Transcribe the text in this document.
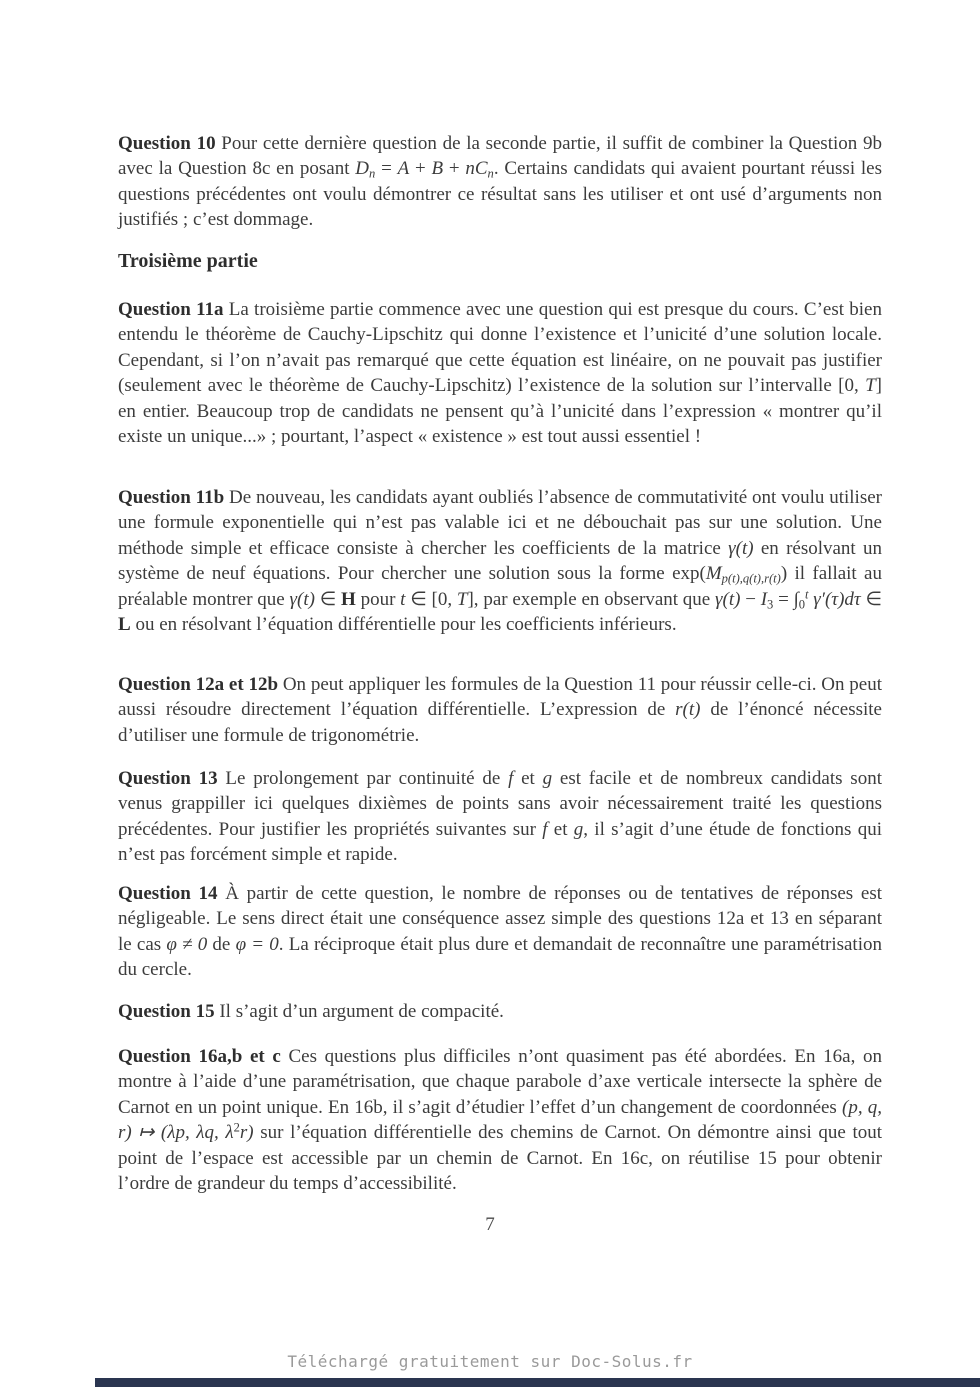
Question 10 Pour cette dernière question de la seconde partie, il suffit de combiner la Question 9b avec la Question 8c en posant Dn = A + B + nCn. Certains candidats qui avaient pourtant réussi les questions précédentes ont voulu démontrer ce résultat sans les utiliser et ont usé d’arguments non justifiés ; c’est dommage.

Troisième partie

Question 11a La troisième partie commence avec une question qui est presque du cours. C’est bien entendu le théorème de Cauchy-Lipschitz qui donne l’existence et l’unicité d’une solution locale. Cependant, si l’on n’avait pas remarqué que cette équation est linéaire, on ne pouvait pas justifier (seulement avec le théorème de Cauchy-Lipschitz) l’existence de la solution sur l’intervalle [0, T] en entier. Beaucoup trop de candidats ne pensent qu’à l’unicité dans l’expression « montrer qu’il existe un unique...» ; pourtant, l’aspect « existence » est tout aussi essentiel !

Question 11b De nouveau, les candidats ayant oubliés l’absence de commutativité ont voulu utiliser une formule exponentielle qui n’est pas valable ici et ne débouchait pas sur une solution. Une méthode simple et efficace consiste à chercher les coefficients de la matrice γ(t) en résolvant un système de neuf équations. Pour chercher une solution sous la forme exp(Mp(t),q(t),r(t)) il fallait au préalable montrer que γ(t) ∈ H pour t ∈ [0, T], par exemple en observant que $\gamma(t) - I3 = \int 0^t$ γ′(τ)dτ ∈ L ou en résolvant l’équation différentielle pour les coefficients inférieurs.

Question 12a et 12b On peut appliquer les formules de la Question 11 pour réussir celle-ci. On peut aussi résoudre directement l’équation différentielle. L’expression de r(t) de l’énoncé nécessite d’utiliser une formule de trigonométrie.

Question 13 Le prolongement par continuité de f et g est facile et de nombreux candidats sont venus grappiller ici quelques dixièmes de points sans avoir nécessairement traité les questions précédentes. Pour justifier les propriétés suivantes sur f et g, il s’agit d’une étude de fonctions qui n’est pas forcément simple et rapide.

Question 14 À partir de cette question, le nombre de réponses ou de tentatives de réponses est négligeable. Le sens direct était une conséquence assez simple des questions 12a et 13 en séparant le cas φ ≠ 0 de φ = 0. La réciproque était plus dure et demandait de reconnaître une paramétrisation du cercle.

Question 15 Il s’agit d’un argument de compacité.

Question 16a,b et c Ces questions plus difficiles n’ont quasiment pas été abordées. En 16a, on montre à l’aide d’une paramétrisation, que chaque parabole d’axe verticale intersecte la sphère de Carnot en un point unique. En 16b, il s’agit d’étudier l’effet d’un changement de coordonnées (p, q, r) ↦ (λp, λq, $\lambda^2r$) sur l’équation différentielle des chemins de Carnot. On démontre ainsi que tout point de l’espace est accessible par un chemin de Carnot. En 16c, on réutilise 15 pour obtenir l’ordre de grandeur du temps d’accessibilité.

7
Téléchargé gratuitement sur Doc-Solus.fr
